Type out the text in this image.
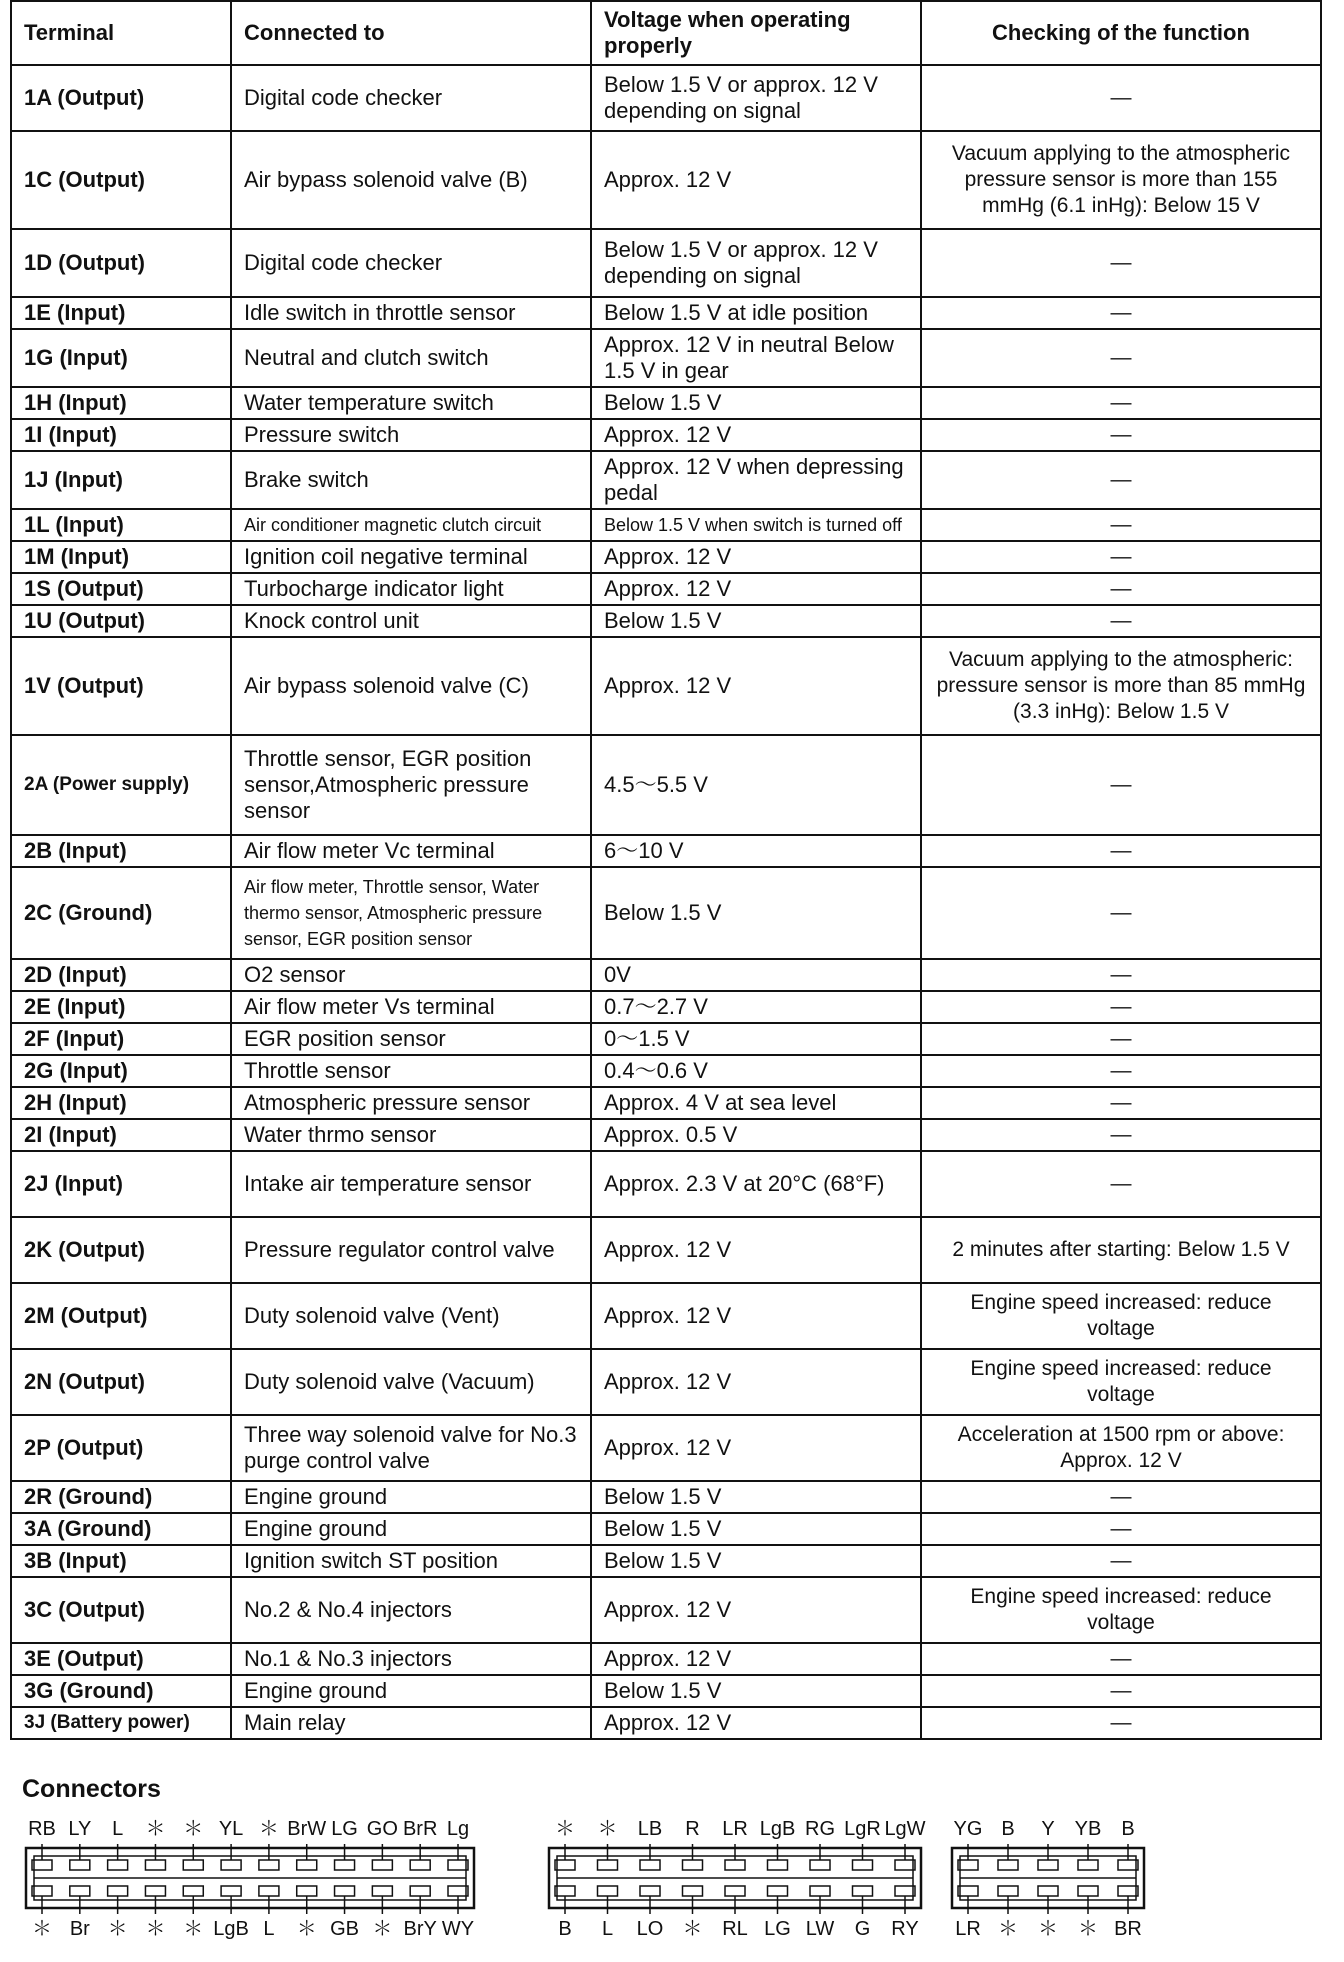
Terminal	Connected to	Voltage when operating properly	Checking of the function
1A (Output)	Digital code checker	Below 1.5 V or approx. 12 V depending on signal	—
1C (Output)	Air bypass solenoid valve (B)	Approx. 12 V	Vacuum applying to the atmospheric pressure sensor is more than 155 mmHg (6.1 inHg): Below 15 V
1D (Output)	Digital code checker	Below 1.5 V or approx. 12 V depending on signal	—
1E (Input)	Idle switch in throttle sensor	Below 1.5 V at idle position	—
1G (Input)	Neutral and clutch switch	Approx. 12 V in neutral Below 1.5 V in gear	—
1H (Input)	Water temperature switch	Below 1.5 V	—
1I (Input)	Pressure switch	Approx. 12 V	—
1J (Input)	Brake switch	Approx. 12 V when depressing pedal	—
1L (Input)	Air conditioner magnetic clutch circuit	Below 1.5 V when switch is turned off	—
1M (Input)	Ignition coil negative terminal	Approx. 12 V	—
1S (Output)	Turbocharge indicator light	Approx. 12 V	—
1U (Output)	Knock control unit	Below 1.5 V	—
1V (Output)	Air bypass solenoid valve (C)	Approx. 12 V	Vacuum applying to the atmospheric: pressure sensor is more than 85 mmHg (3.3 inHg): Below 1.5 V
2A (Power supply)	Throttle sensor, EGR position sensor,Atmospheric pressure sensor	4.5～5.5 V	—
2B (Input)	Air flow meter Vc terminal	6～10 V	—
2C (Ground)	Air flow meter, Throttle sensor, Water thermo sensor, Atmospheric pressure sensor, EGR position sensor	Below 1.5 V	—
2D (Input)	O2 sensor	0V	—
2E (Input)	Air flow meter Vs terminal	0.7～2.7 V	—
2F (Input)	EGR position sensor	0～1.5 V	—
2G (Input)	Throttle sensor	0.4～0.6 V	—
2H (Input)	Atmospheric pressure sensor	Approx. 4 V at sea level	—
2I (Input)	Water thrmo sensor	Approx. 0.5 V	—
2J (Input)	Intake air temperature sensor	Approx. 2.3 V at 20°C (68°F)	—
2K (Output)	Pressure regulator control valve	Approx. 12 V	2 minutes after starting: Below 1.5 V
2M (Output)	Duty solenoid valve (Vent)	Approx. 12 V	Engine speed increased: reduce voltage
2N (Output)	Duty solenoid valve (Vacuum)	Approx. 12 V	Engine speed increased: reduce voltage
2P (Output)	Three way solenoid valve for No.3 purge control valve	Approx. 12 V	Acceleration at 1500 rpm or above: Approx. 12 V
2R (Ground)	Engine ground	Below 1.5 V	—
3A (Ground)	Engine ground	Below 1.5 V	—
3B (Input)	Ignition switch ST position	Below 1.5 V	—
3C (Output)	No.2 & No.4 injectors	Approx. 12 V	Engine speed increased: reduce voltage
3E (Output)	No.1 & No.3 injectors	Approx. 12 V	—
3G (Ground)	Engine ground	Below 1.5 V	—
3J (Battery power)	Main relay	Approx. 12 V	—
Connectors
RB
＊
LY
Br
L
＊
＊
＊
＊
＊
YL
LgB
＊
L
BrW
＊
LG
GB
GO
＊
BrR
BrY
Lg
WY
＊
B
＊
L
LB
LO
R
＊
LR
RL
LgB
LG
RG
LW
LgR
G
LgW
RY
YG
LR
B
＊
Y
＊
YB
＊
B
BR
